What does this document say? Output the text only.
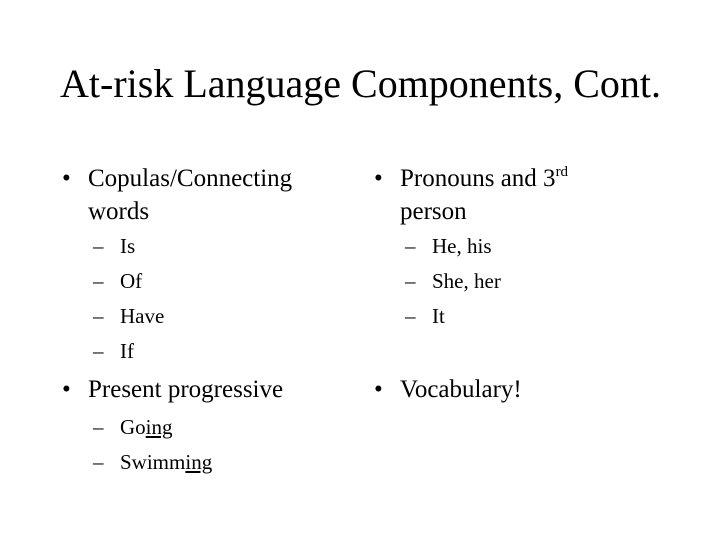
At-risk Language Components, Cont.
• Copulas/Connecting
words
– Is
– Of
– Have
– If
• Present progressive
– Going
– Swimming
• Pronouns and 3rd
person
– He, his
– She, her
– It
• Vocabulary!
